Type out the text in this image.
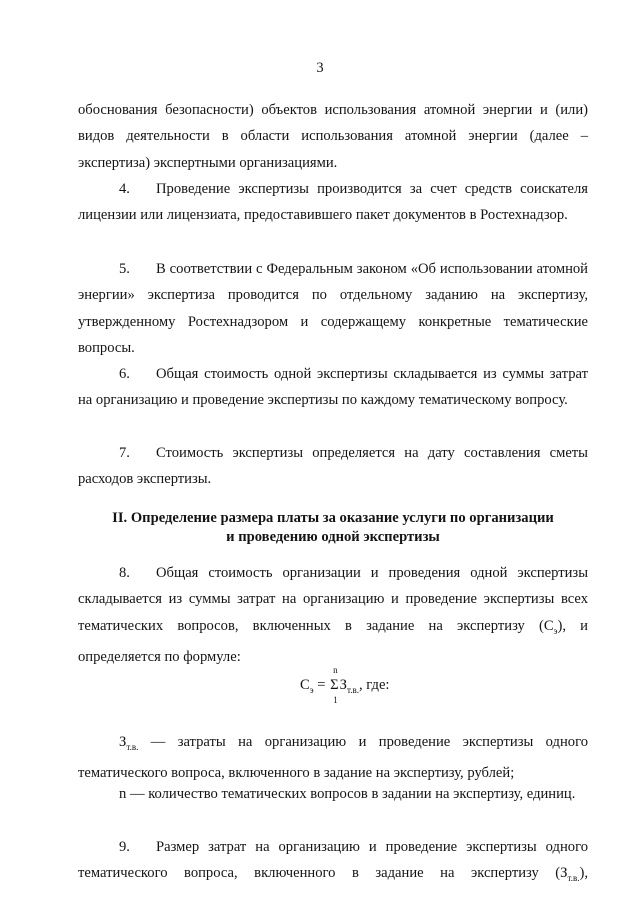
3

обоснования безопасности) объектов использования атомной энергии и (или) видов деятельности в области использования атомной энергии (далее – экспертиза) экспертными организациями.

4. Проведение экспертизы производится за счет средств соискателя лицензии или лицензиата, предоставившего пакет документов в Ростехнадзор.

5. В соответствии с Федеральным законом «Об использовании атомной энергии» экспертиза проводится по отдельному заданию на экспертизу, утвержденному Ростехнадзором и содержащему конкретные тематические вопросы.

6. Общая стоимость одной экспертизы складывается из суммы затрат на организацию и проведение экспертизы по каждому тематическому вопросу.

7. Стоимость экспертизы определяется на дату составления сметы расходов экспертизы.

II. Определение размера платы за оказание услуги по организации
и проведению одной экспертизы

8. Общая стоимость организации и проведения одной экспертизы складывается из суммы затрат на организацию и проведение экспертизы всех тематических вопросов, включенных в задание на экспертизу $(С_э)$, и определяется по формуле:

$С_э$ =
n
Σ
1
$З_{т.в.}$, где:

$З_{т.в.}$ — затраты на организацию и проведение экспертизы одного тематического вопроса, включенного в задание на экспертизу, рублей;

n — количество тематических вопросов в задании на экспертизу, единиц.

9. Размер затрат на организацию и проведение экспертизы одного тематического вопроса, включенного в задание на экспертизу $(З_{т.в.})$,
